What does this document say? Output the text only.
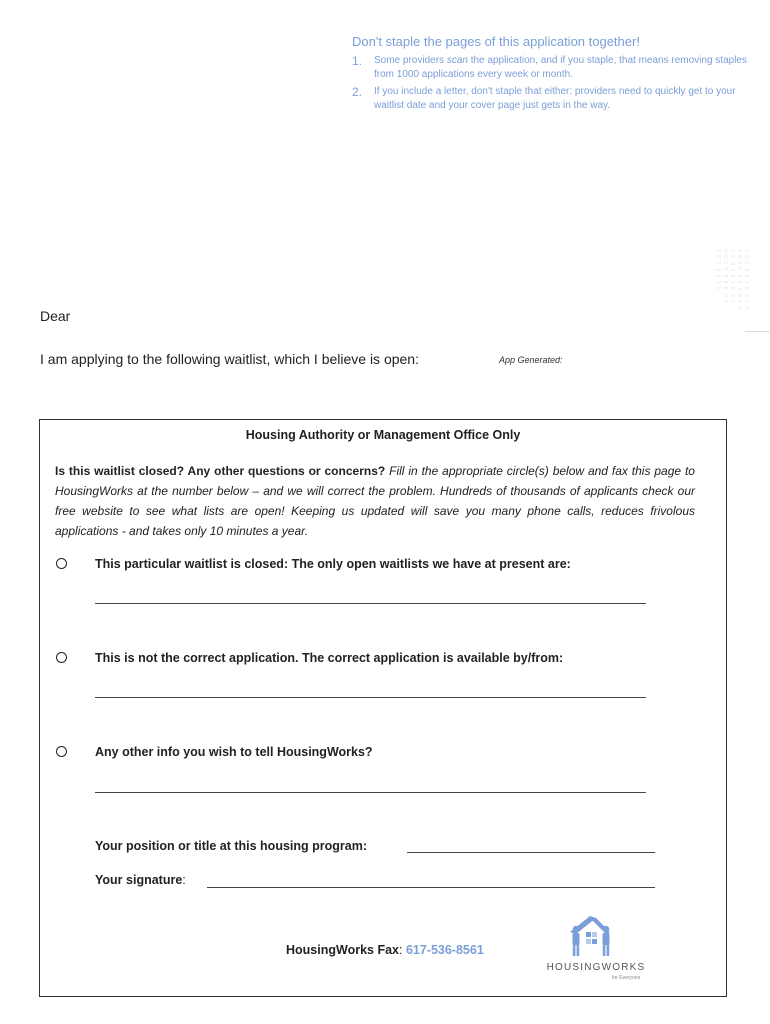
Don't staple the pages of this application together!
1.	Some providers scan the application, and if you staple, that means removing staples from 1000 applications every week or month.
2.	If you include a letter, don't staple that either: providers need to quickly get to your waitlist date and your cover page just gets in the way.
▭▭▭ ▭▭▭▭ ▭▭▭
▭▭▭▭ ▭▭ ▭▭▭▭
▭▭ ▭▭▭▭▭ ▭▭
▭▭▭▭ ▭▭▭ ▭▭
▭▭▭ ▭▭▭▭
Dear
I am applying to the following waitlist, which I believe is open:	App Generated:
Housing Authority or Management Office Only
Is this waitlist closed? Any other questions or concerns? Fill in the appropriate circle(s) below and fax this page to HousingWorks at the number below – and we will correct the problem. Hundreds of thousands of applicants check our free website to see what lists are open! Keeping us updated will save you many phone calls, reduces frivolous applications - and takes only 10 minutes a year.
This particular waitlist is closed: The only open waitlists we have at present are:
This is not the correct application. The correct application is available by/from:
Any other info you wish to tell HousingWorks?
Your position or title at this housing program:
Your signature:
HousingWorks Fax: 617-536-8561
HOUSINGWORKS
for Everyone
